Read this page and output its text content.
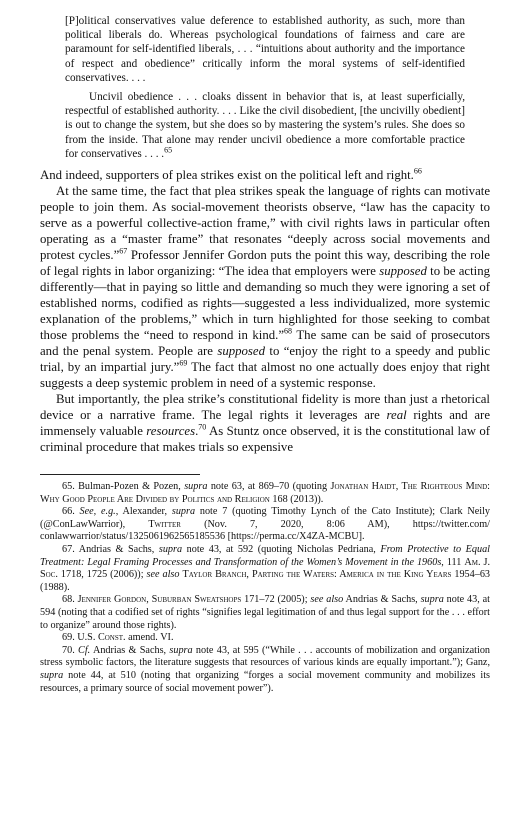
[P]olitical conservatives value deference to established authority, as such, more than political liberals do. Whereas psychological foundations of fairness and care are paramount for self-identified liberals, . . . “intuitions about authority and the importance of respect and obedience” critically inform the moral systems of self-identified conservatives. . . .

Uncivil obedience . . . cloaks dissent in behavior that is, at least superficially, respectful of established authority. . . . Like the civil disobedient, [the uncivilly obedient] is out to change the system, but she does so by mastering the system’s rules. She does so from the inside. That alone may render uncivil obedience a more comfortable practice for conservatives . . . .$^{65}$

And indeed, supporters of plea strikes exist on the political left and right.$^{66}$

At the same time, the fact that plea strikes speak the language of rights can motivate people to join them. As social-movement theorists observe, “law has the capacity to serve as a powerful collective-action frame,” with civil rights laws in particular often operating as a “master frame” that resonates “deeply across social movements and protest cycles.”$^{67}$ Professor Jennifer Gordon puts the point this way, describing the role of legal rights in labor organizing: “The idea that employers were supposed to be acting differently—that in paying so little and demanding so much they were ignoring a set of established norms, codified as rights—suggested a less individualized, more systemic explanation of the problems,” which in turn highlighted for those seeking to combat those problems the “need to respond in kind.”$^{68}$ The same can be said of prosecutors and the penal system. People are supposed to “enjoy the right to a speedy and public trial, by an impartial jury.”$^{69}$ The fact that almost no one actually does enjoy that right suggests a deep systemic problem in need of a systemic response.

But importantly, the plea strike’s constitutional fidelity is more than just a rhetorical device or a narrative frame. The legal rights it leverages are real rights and are immensely valuable resources.$^{70}$ As Stuntz once observed, it is the constitutional law of criminal procedure that makes trials so expensive

65. Bulman-Pozen & Pozen, supra note 63, at 869–70 (quoting Jonathan Haidt, The Righteous Mind: Why Good People Are Divided by Politics and Religion 168 (2013)).

66. See, e.g., Alexander, supra note 7 (quoting Timothy Lynch of the Cato Institute); Clark Neily (@ConLawWarrior), Twitter (Nov. 7, 2020, 8:06 AM), https://twitter.com/ conlawwarrior/status/1325061962565185536 [https://perma.cc/X4ZA-MCBU].

67. Andrias & Sachs, supra note 43, at 592 (quoting Nicholas Pedriana, From Protective to Equal Treatment: Legal Framing Processes and Transformation of the Women’s Movement in the 1960s, 111 Am. J. Soc. 1718, 1725 (2006)); see also Taylor Branch, Parting the Waters: America in the King Years 1954–63 (1988).

68. Jennifer Gordon, Suburban Sweatshops 171–72 (2005); see also Andrias & Sachs, supra note 43, at 594 (noting that a codified set of rights “signifies legal legitimation of and thus legal support for the . . . effort to organize” around those rights).

69. U.S. Const. amend. VI.

70. Cf. Andrias & Sachs, supra note 43, at 595 (“While . . . accounts of mobilization and organization stress symbolic factors, the literature suggests that resources of various kinds are equally important.”); Ganz, supra note 44, at 510 (noting that organizing “forges a social movement community and mobilizes its resources, a primary source of social movement power”).
